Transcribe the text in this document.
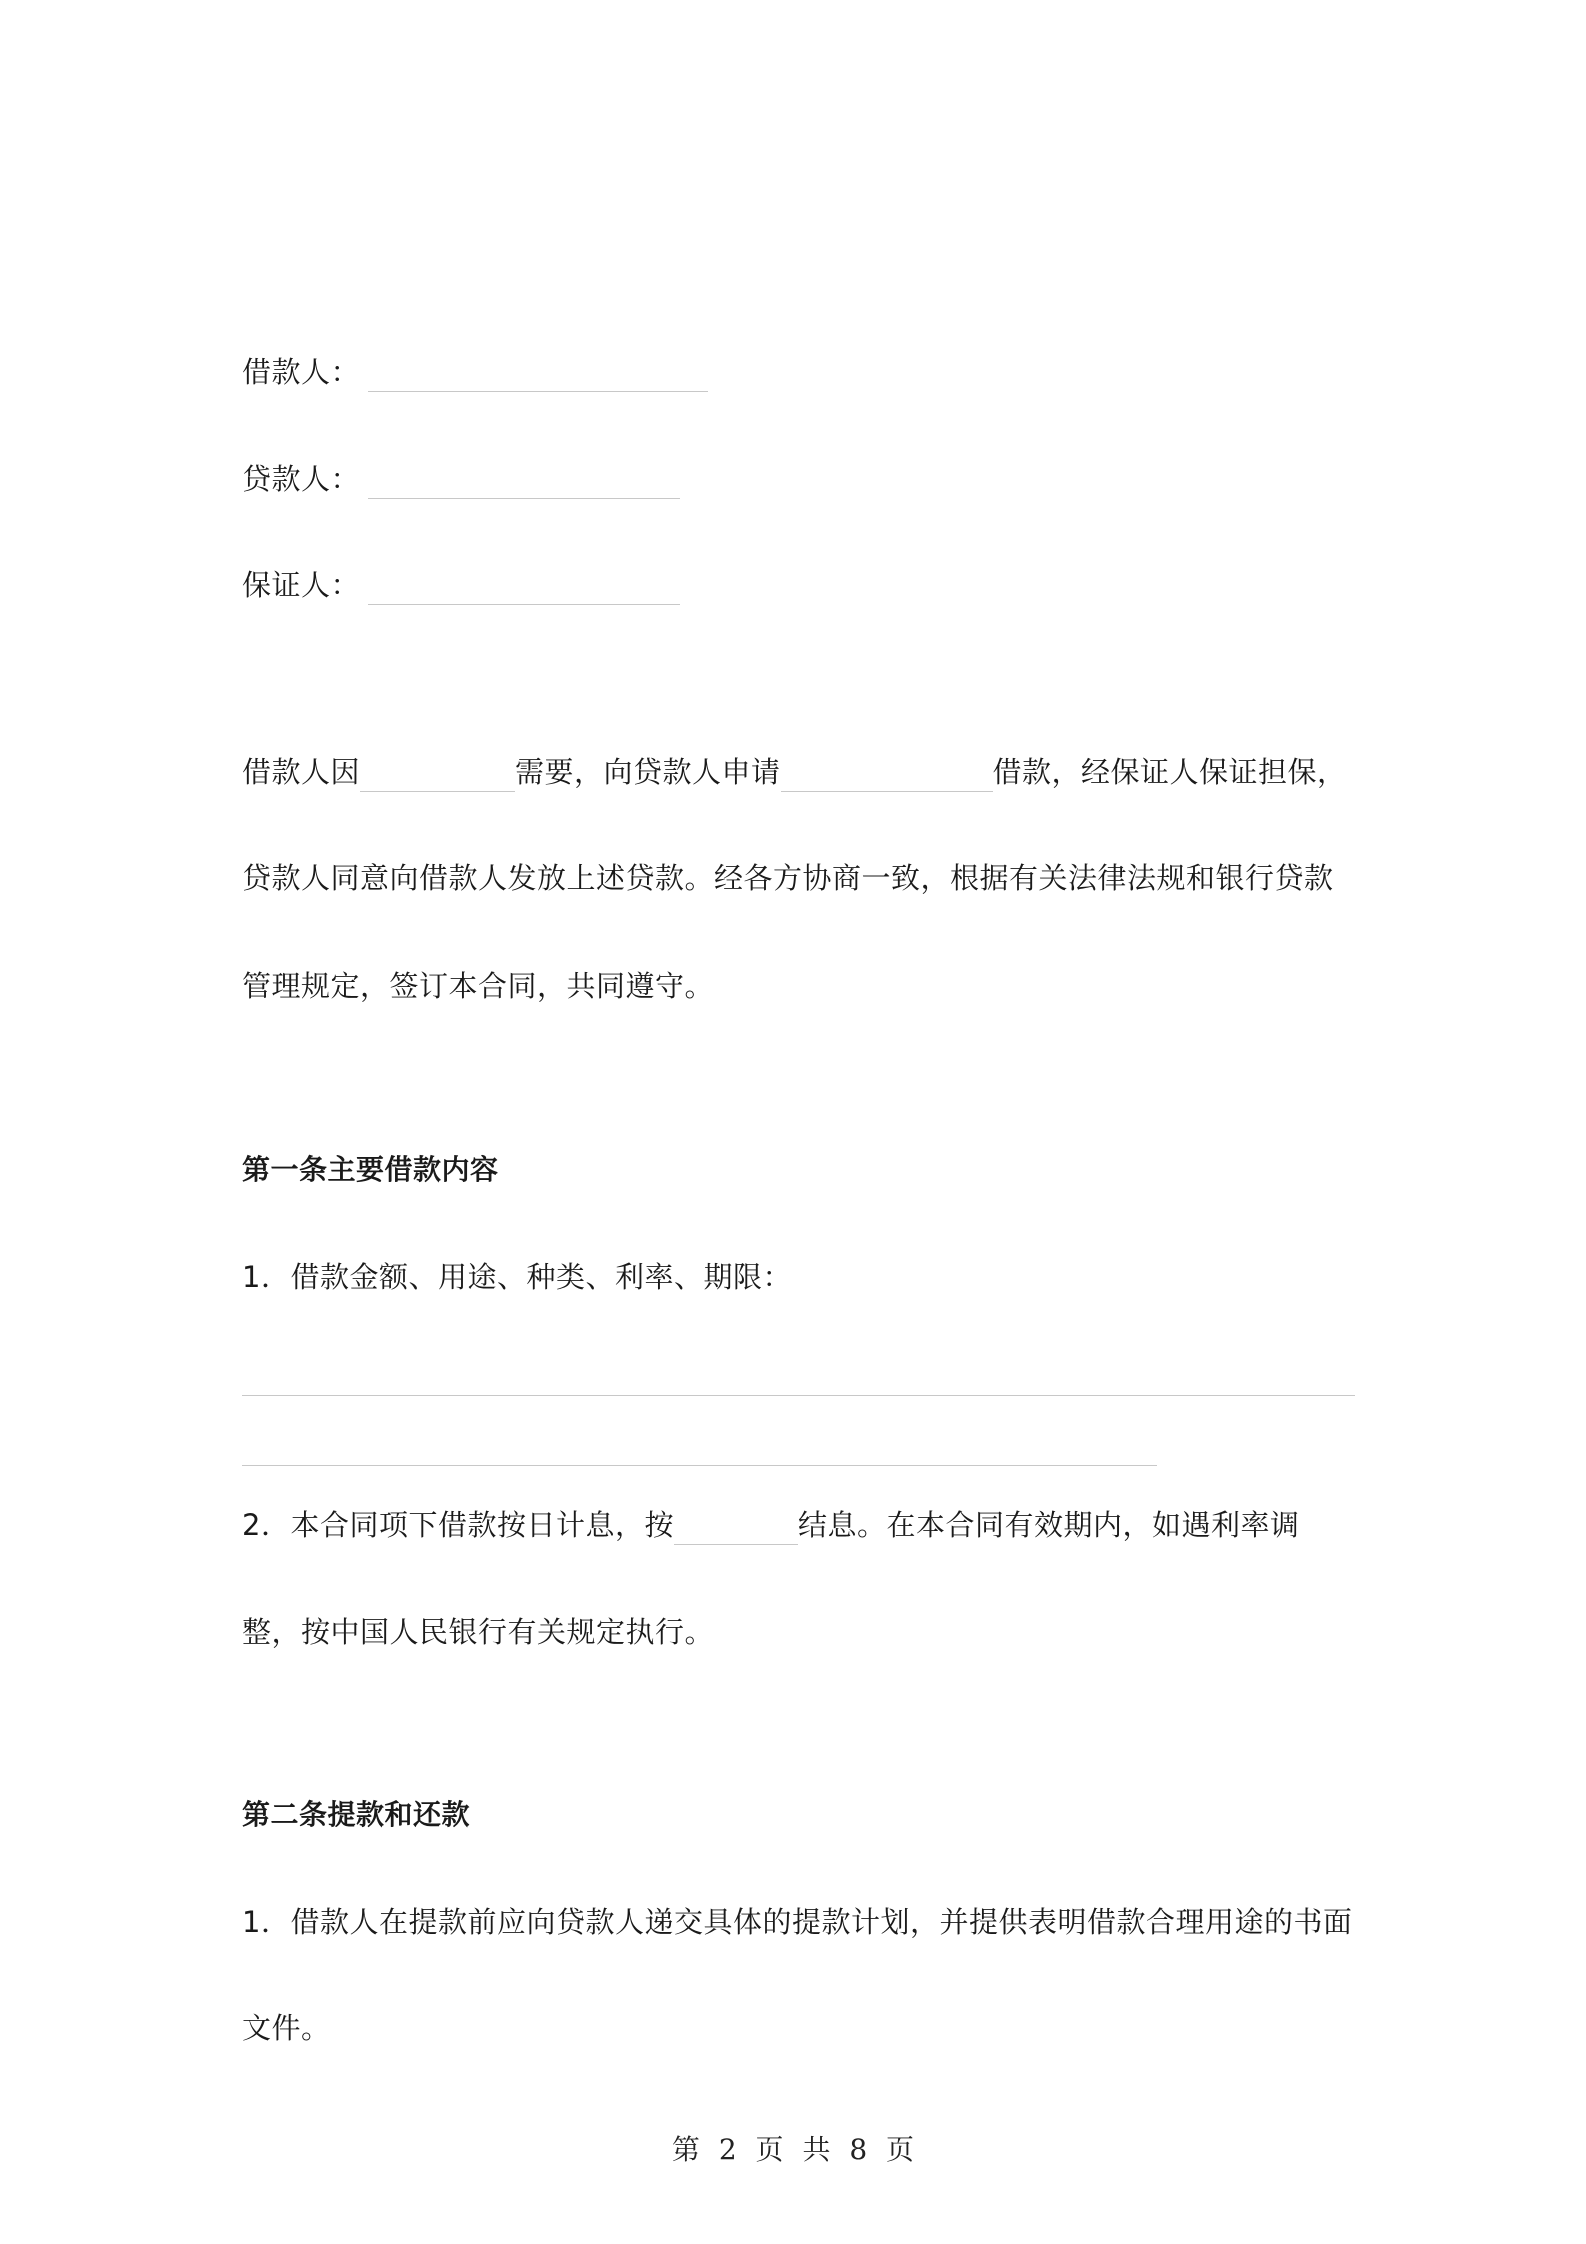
借款人：
贷款人：
保证人：
借款人因	需要，向贷款人申请	借款，经保证人保证担保，
贷款人同意向借款人发放上述贷款。经各方协商一致，根据有关法律法规和银行贷款
管理规定，签订本合同，共同遵守。
第一条主要借款内容
1．借款金额、用途、种类、利率、期限：
2．本合同项下借款按日计息，按	结息。在本合同有效期内，如遇利率调
整，按中国人民银行有关规定执行。
第二条提款和还款
1．借款人在提款前应向贷款人递交具体的提款计划，并提供表明借款合理用途的书面
文件。
第 2 页 共 8 页
